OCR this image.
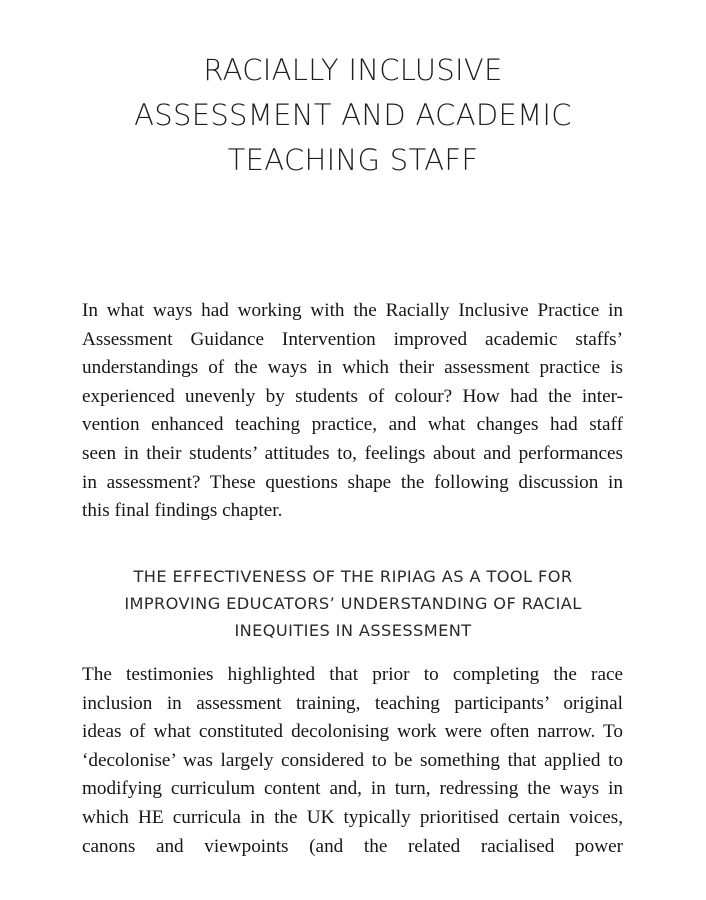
RACIALLY INCLUSIVE
ASSESSMENT AND ACADEMIC
TEACHING STAFF
In what ways had working with the Racially Inclusive Practice in
Assessment Guidance Intervention improved academic staffs’
understandings of the ways in which their assessment practice is
experienced unevenly by students of colour? How had the inter-
vention enhanced teaching practice, and what changes had staff
seen in their students’ attitudes to, feelings about and performances
in assessment? These questions shape the following discussion in
this final findings chapter.
THE EFFECTIVENESS OF THE RIPIAG AS A TOOL FOR
IMPROVING EDUCATORS’ UNDERSTANDING OF RACIAL
INEQUITIES IN ASSESSMENT
The testimonies highlighted that prior to completing the race
inclusion in assessment training, teaching participants’ original
ideas of what constituted decolonising work were often narrow. To
‘decolonise’ was largely considered to be something that applied to
modifying curriculum content and, in turn, redressing the ways in
which HE curricula in the UK typically prioritised certain voices,
canons and viewpoints (and the related racialised power
